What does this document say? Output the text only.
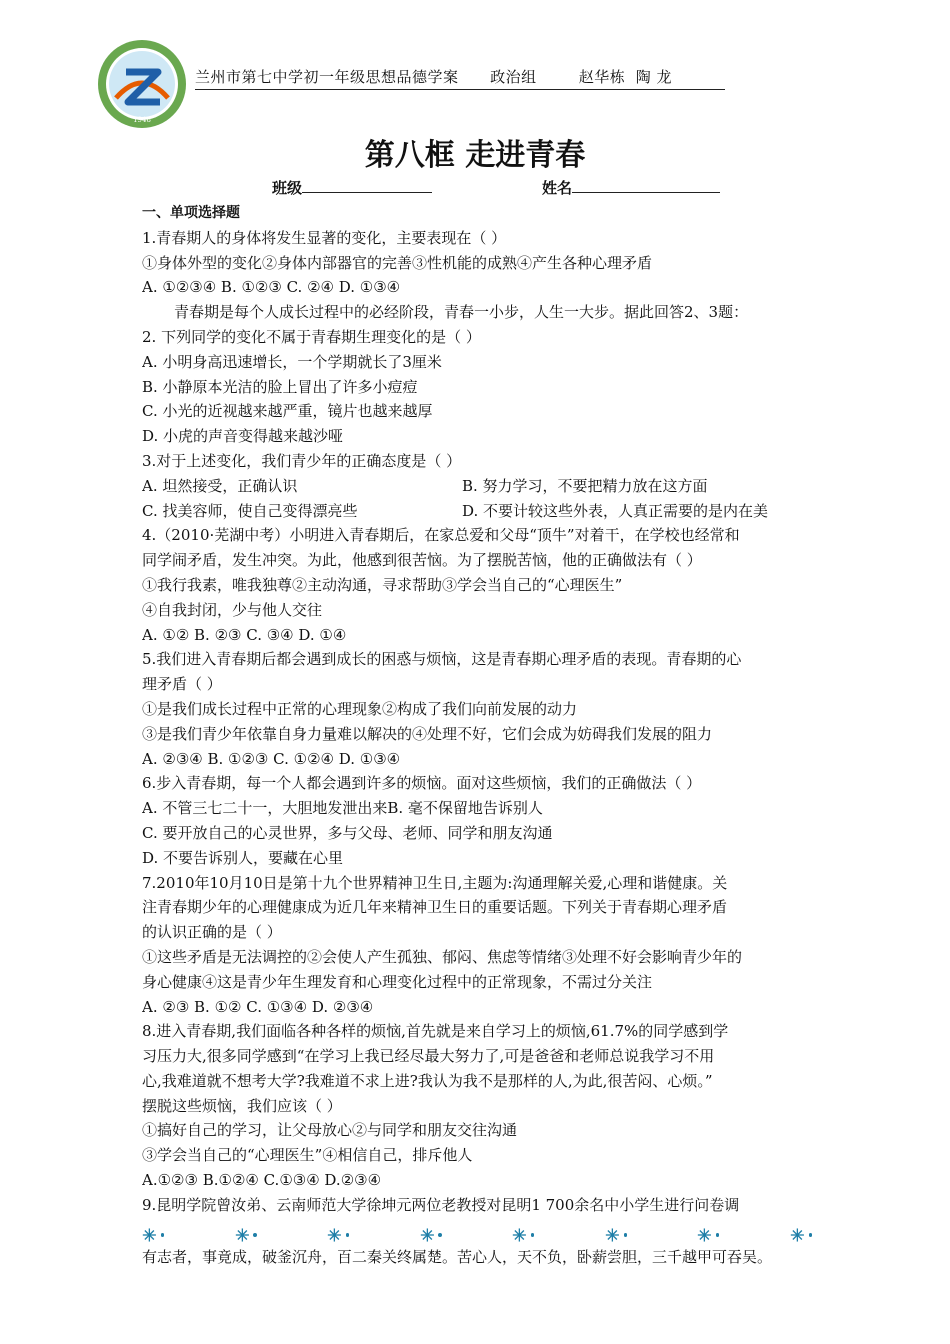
1948
兰州市第七中学初一年级思想品德学案      政治组        赵华栋  陶 龙
第八框 走进青春
班级	姓名
一、单项选择题
1.青春期人的身体将发生显著的变化，主要表现在（ ）
①身体外型的变化②身体内部器官的完善③性机能的成熟④产生各种心理矛盾
A. ①②③④ B. ①②③ C. ②④ D. ①③④
青春期是每个人成长过程中的必经阶段，青春一小步，人生一大步。据此回答2、3题：
2. 下列同学的变化不属于青春期生理变化的是（ ）
A. 小明身高迅速增长，一个学期就长了3厘米
B. 小静原本光洁的脸上冒出了许多小痘痘
C. 小光的近视越来越严重，镜片也越来越厚
D. 小虎的声音变得越来越沙哑
3.对于上述变化，我们青少年的正确态度是（ ）
A. 坦然接受，正确认识	B. 努力学习，不要把精力放在这方面
C. 找美容师，使自己变得漂亮些	D. 不要计较这些外表，人真正需要的是内在美
4.（2010·芜湖中考）小明进入青春期后，在家总爱和父母“顶牛”对着干，在学校也经常和
同学闹矛盾，发生冲突。为此，他感到很苦恼。为了摆脱苦恼，他的正确做法有（ ）
①我行我素，唯我独尊②主动沟通，寻求帮助③学会当自己的“心理医生”
④自我封闭，少与他人交往
A. ①② B. ②③ C. ③④ D. ①④
5.我们进入青春期后都会遇到成长的困惑与烦恼，这是青春期心理矛盾的表现。青春期的心
理矛盾（ ）
①是我们成长过程中正常的心理现象②构成了我们向前发展的动力
③是我们青少年依靠自身力量难以解决的④处理不好，它们会成为妨碍我们发展的阻力
A. ②③④ B. ①②③ C. ①②④ D. ①③④
6.步入青春期，每一个人都会遇到许多的烦恼。面对这些烦恼，我们的正确做法（ ）
A. 不管三七二十一，大胆地发泄出来B. 毫不保留地告诉别人
C. 要开放自己的心灵世界，多与父母、老师、同学和朋友沟通
D. 不要告诉别人，要藏在心里
7.2010年10月10日是第十九个世界精神卫生日,主题为:沟通理解关爱,心理和谐健康。关
注青春期少年的心理健康成为近几年来精神卫生日的重要话题。下列关于青春期心理矛盾
的认识正确的是（ ）
①这些矛盾是无法调控的②会使人产生孤独、郁闷、焦虑等情绪③处理不好会影响青少年的
身心健康④这是青少年生理发育和心理变化过程中的正常现象，不需过分关注
A. ②③ B. ①② C. ①③④ D. ②③④
8.进入青春期,我们面临各种各样的烦恼,首先就是来自学习上的烦恼,61.7%的同学感到学
习压力大,很多同学感到“在学习上我已经尽最大努力了,可是爸爸和老师总说我学习不用
心,我难道就不想考大学?我难道不求上进?我认为我不是那样的人,为此,很苦闷、心烦。”
摆脱这些烦恼，我们应该（ ）
①搞好自己的学习，让父母放心②与同学和朋友交往沟通
③学会当自己的“心理医生”④相信自己，排斥他人
A.①②③ B.①②④ C.①③④ D.②③④
9.昆明学院曾汝弟、云南师范大学徐坤元两位老教授对昆明1 700余名中小学生进行问卷调
有志者，事竟成，破釜沉舟，百二秦关终属楚。苦心人，天不负，卧薪尝胆，三千越甲可吞吴。
